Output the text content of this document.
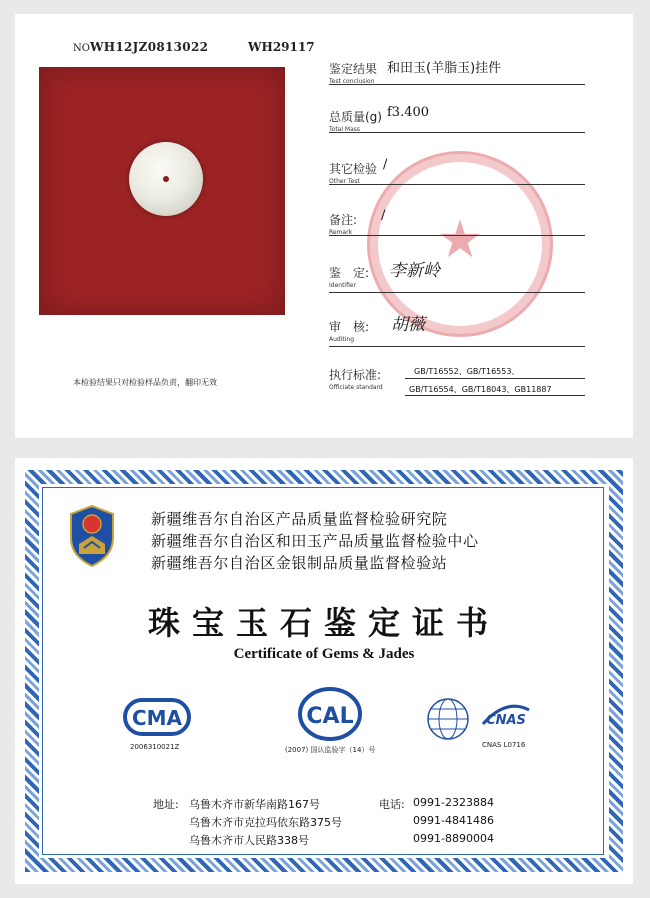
NOWH12JZ0813022	WH29117
本检验结果只对检验样品负责，翻印无效
★
鉴定结果 和田玉(羊脂玉)挂件
Test conclusion
总质量(g) f3.400
Total Mass
其它检验 /
Other Test
备注: /
Remark
鉴　定: 李新岭
Identifier
审　核: 胡薇
Auditing
执行标准:	GB/T16552、GB/T16553、
Officiate standard	GB/T16554、GB/T18043、GB11887
新疆维吾尔自治区产品质量监督检验研究院
新疆维吾尔自治区和田玉产品质量监督检验中心
新疆维吾尔自治区金银制品质量监督检验站
珠宝玉石鉴定证书
Certificate of Gems & Jades
CMA
2006310021Z
CAL
(2007) 国认监验字（14）号
CNAS
CNAS L0716
地址: 乌鲁木齐市新华南路167号
乌鲁木齐市克拉玛依东路375号
乌鲁木齐市人民路338号
电话: 0991-2323884
0991-4841486
0991-8890004
